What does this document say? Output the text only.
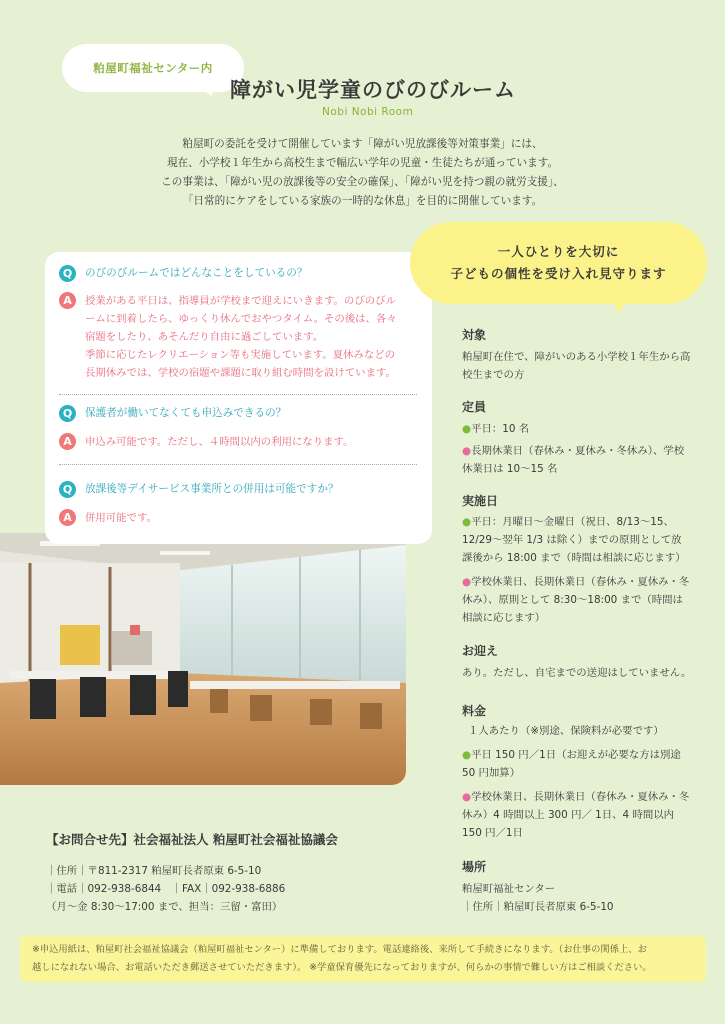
粕屋町福祉センター内
障がい児学童のびのびルーム
Nobi Nobi Room
粕屋町の委託を受けて開催しています「障がい児放課後等対策事業」には、
現在、小学校１年生から高校生まで幅広い学年の児童・生徒たちが通っています。
この事業は、「障がい児の放課後等の安全の確保」、「障がい児を持つ親の就労支援」、
「日常的にケアをしている家族の一時的な休息」を目的に開催しています。
Q	のびのびルームではどんなことをしているの？
A	授業がある平日は、指導員が学校まで迎えにいきます。のびのびル
ームに到着したら、ゆっくり休んでおやつタイム。その後は、各々
宿題をしたり、あそんだり自由に過ごしています。
季節に応じたレクリエーション等も実施しています。夏休みなどの
長期休みでは、学校の宿題や課題に取り組む時間を設けています。
Q	保護者が働いてなくても申込みできるの？
A	申込み可能です。ただし、４時間以内の利用になります。
Q	放課後等デイサービス事業所との併用は可能ですか？
A	併用可能です。
一人ひとりを大切に
子どもの個性を受け入れ見守ります
対象
粕屋町在住で、障がいのある小学校１年生から高
校生までの方
定員
●平日：10 名
●長期休業日（春休み・夏休み・冬休み）、学校
休業日は 10～15 名
実施日
●平日：月曜日～金曜日（祝日、8/13～15、
12/29～翌年 1/3 は除く）までの原則として放
課後から 18:00 まで（時間は相談に応じます）
●学校休業日、長期休業日（春休み・夏休み・冬
休み）、原則として 8:30～18:00 まで（時間は
相談に応じます）
お迎え
あり。ただし、自宅までの送迎はしていません。
料金
１人あたり（※別途、保険料が必要です）
●平日 150 円／1日（お迎えが必要な方は別途
50 円加算）
●学校休業日、長期休業日（春休み・夏休み・冬
休み）4 時間以上 300 円／ 1日、4 時間以内
150 円／1日
場所
粕屋町福祉センター
｜住所｜粕屋町長者原東 6-5-10
【お問合せ先】社会福祉法人 粕屋町社会福祉協議会
｜住所｜〒811-2317 粕屋町長者原東 6-5-10
｜電話｜092-938-6844　｜FAX｜092-938-6886
（月～金 8:30～17:00 まで、担当：三留・富田）
※申込用紙は、粕屋町社会福祉協議会（粕屋町福祉センター）に準備しております。電話連絡後、来所して手続きになります。（お仕事の関係上、お
越しになれない場合、お電話いただき郵送させていただきます）。 ※学童保育優先になっておりますが、何らかの事情で難しい方はご相談ください。
